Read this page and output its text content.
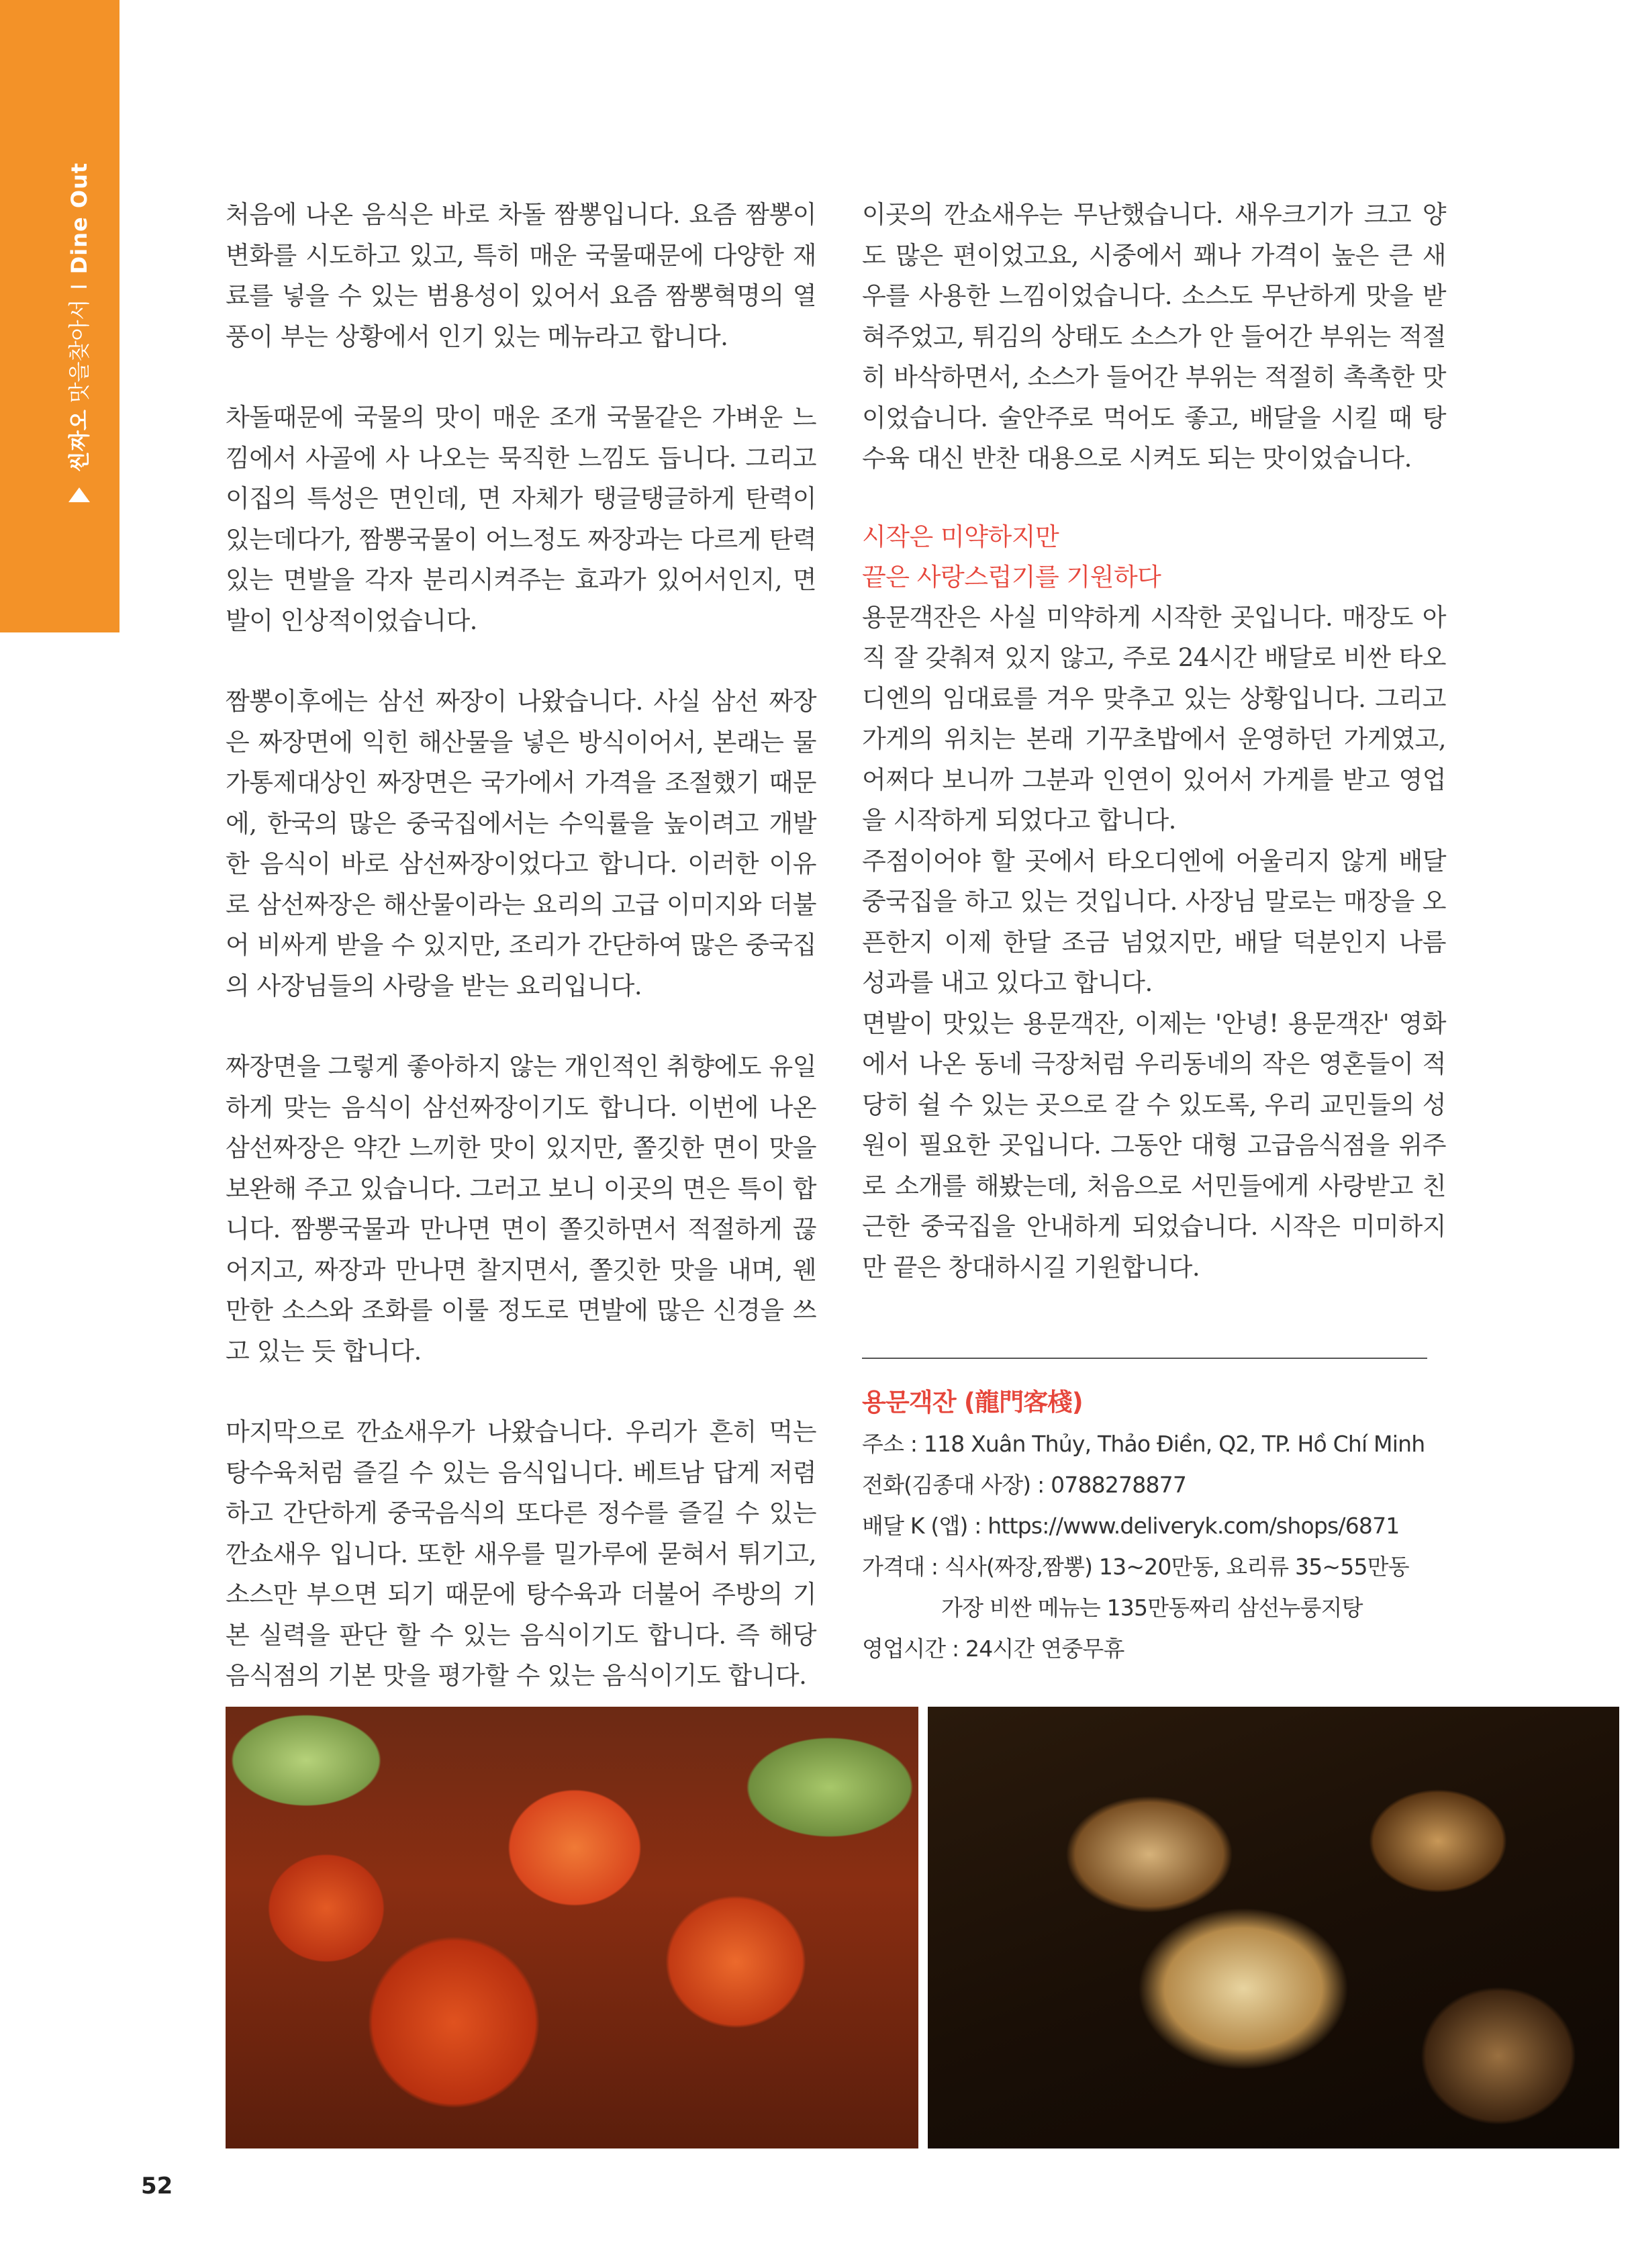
씬짜오
맛을찾아서
I
Dine Out	처음에 나온 음식은 바로 차돌 짬뽕입니다. 요즘 짬뽕이 변화를 시도하고 있고, 특히 매운 국물때문에 다양한 재료를 넣을 수 있는 범용성이 있어서 요즘 짬뽕혁명의 열풍이 부는 상황에서 인기 있는 메뉴라고 합니다.

차돌때문에 국물의 맛이 매운 조개 국물같은 가벼운 느낌에서 사골에 사 나오는 묵직한 느낌도 듭니다. 그리고 이집의 특성은 면인데, 면 자체가 탱글탱글하게 탄력이 있는데다가, 짬뽕국물이 어느정도 짜장과는 다르게 탄력있는 면발을 각자 분리시켜주는 효과가 있어서인지, 면발이 인상적이었습니다.

짬뽕이후에는 삼선 짜장이 나왔습니다. 사실 삼선 짜장은 짜장면에 익힌 해산물을 넣은 방식이어서, 본래는 물가통제대상인 짜장면은 국가에서 가격을 조절했기 때문에, 한국의 많은 중국집에서는 수익률을 높이려고 개발한 음식이 바로 삼선짜장이었다고 합니다. 이러한 이유로 삼선짜장은 해산물이라는 요리의 고급 이미지와 더불어 비싸게 받을 수 있지만, 조리가 간단하여 많은 중국집의 사장님들의 사랑을 받는 요리입니다.

짜장면을 그렇게 좋아하지 않는 개인적인 취향에도 유일하게 맞는 음식이 삼선짜장이기도 합니다. 이번에 나온 삼선짜장은 약간 느끼한 맛이 있지만, 쫄깃한 면이 맛을 보완해 주고 있습니다. 그러고 보니 이곳의 면은 특이 합니다. 짬뽕국물과 만나면 면이 쫄깃하면서 적절하게 끊어지고, 짜장과 만나면 찰지면서, 쫄깃한 맛을 내며, 웬만한 소스와 조화를 이룰 정도로 면발에 많은 신경을 쓰고 있는 듯 합니다.

마지막으로 깐쇼새우가 나왔습니다. 우리가 흔히 먹는 탕수육처럼 즐길 수 있는 음식입니다. 베트남 답게 저렴하고 간단하게 중국음식의 또다른 정수를 즐길 수 있는 깐쇼새우 입니다. 또한 새우를 밀가루에 묻혀서 튀기고, 소스만 부으면 되기 때문에 탕수육과 더불어 주방의 기본 실력을 판단 할 수 있는 음식이기도 합니다. 즉 해당 음식점의 기본 맛을 평가할 수 있는 음식이기도 합니다.

이곳의 깐쇼새우는 무난했습니다. 새우크기가 크고 양도 많은 편이었고요, 시중에서 꽤나 가격이 높은 큰 새우를 사용한 느낌이었습니다. 소스도 무난하게 맛을 받혀주었고, 튀김의 상태도 소스가 안 들어간 부위는 적절히 바삭하면서, 소스가 들어간 부위는 적절히 촉촉한 맛이었습니다. 술안주로 먹어도 좋고, 배달을 시킬 때 탕수육 대신 반찬 대용으로 시켜도 되는 맛이었습니다.

시작은 미약하지만

끝은 사랑스럽기를 기원하다

용문객잔은 사실 미약하게 시작한 곳입니다. 매장도 아직 잘 갖춰져 있지 않고, 주로 24시간 배달로 비싼 타오디엔의 임대료를 겨우 맞추고 있는 상황입니다. 그리고 가게의 위치는 본래 기꾸초밥에서 운영하던 가게였고, 어쩌다 보니까 그분과 인연이 있어서 가게를 받고 영업을 시작하게 되었다고 합니다.

주점이어야 할 곳에서 타오디엔에 어울리지 않게 배달 중국집을 하고 있는 것입니다. 사장님 말로는 매장을 오픈한지 이제 한달 조금 넘었지만, 배달 덕분인지 나름 성과를 내고 있다고 합니다.

면발이 맛있는 용문객잔, 이제는 '안녕! 용문객잔' 영화에서 나온 동네 극장처럼 우리동네의 작은 영혼들이 적당히 쉴 수 있는 곳으로 갈 수 있도록, 우리 교민들의 성원이 필요한 곳입니다. 그동안 대형 고급음식점을 위주로 소개를 해봤는데, 처음으로 서민들에게 사랑받고 친근한 중국집을 안내하게 되었습니다. 시작은 미미하지만 끝은 창대하시길 기원합니다.

용문객잔 (龍門客棧)

주소 : 118 Xuân Thủy, Thảo Điền, Q2, TP. Hồ Chí Minh

전화(김종대 사장) : 0788278877

배달 K (앱) : https://www.deliveryk.com/shops/6871

가격대 : 식사(짜장,짬뽕) 13~20만동, 요리류 35~55만동

가장 비싼 메뉴는 135만동짜리 삼선누룽지탕

영업시간 : 24시간 연중무휴

52
